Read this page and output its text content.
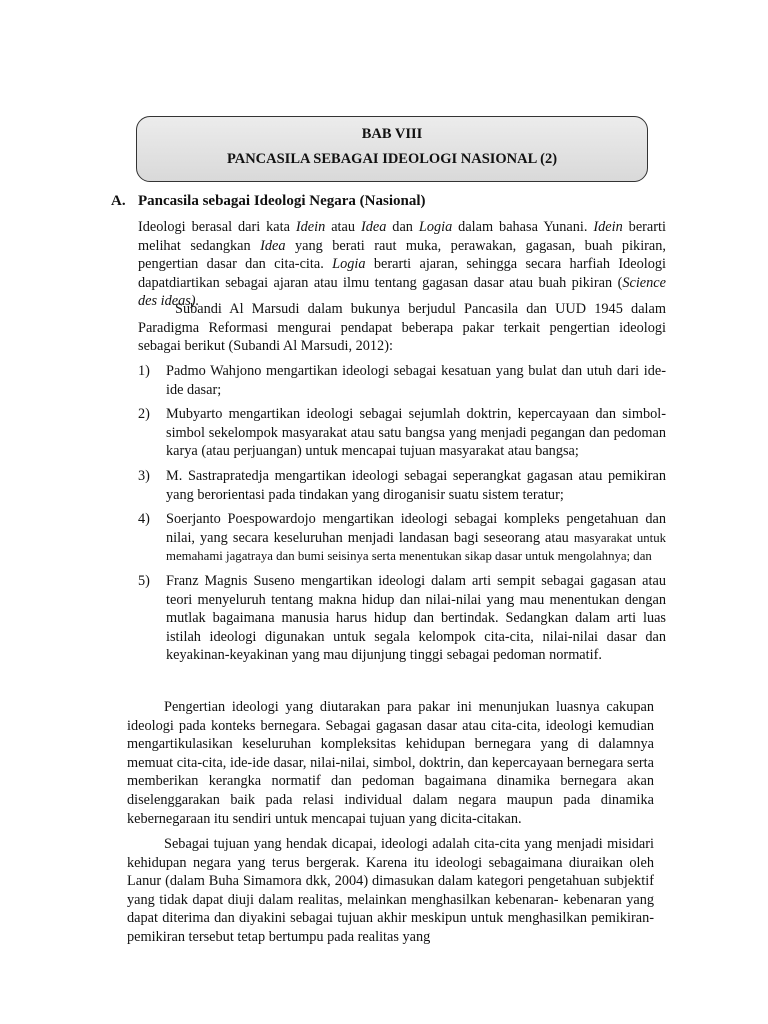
BAB VIII
PANCASILA SEBAGAI IDEOLOGI NASIONAL (2)
A. Pancasila sebagai Ideologi Negara (Nasional)

Ideologi berasal dari kata Idein atau Idea dan Logia dalam bahasa Yunani. Idein berarti melihat sedangkan Idea yang berati raut muka, perawakan, gagasan, buah pikiran, pengertian dasar dan cita-cita. Logia berarti ajaran, sehingga secara harfiah Ideologi dapatdiartikan sebagai ajaran atau ilmu tentang gagasan dasar atau buah pikiran (Science des ideas).

Subandi Al Marsudi dalam bukunya berjudul Pancasila dan UUD 1945 dalam Paradigma Reformasi mengurai pendapat beberapa pakar terkait pengertian ideologi sebagai berikut (Subandi Al Marsudi, 2012):

1) Padmo Wahjono mengartikan ideologi sebagai kesatuan yang bulat dan utuh dari ide-ide dasar;
2) Mubyarto mengartikan ideologi sebagai sejumlah doktrin, kepercayaan dan simbol- simbol sekelompok masyarakat atau satu bangsa yang menjadi pegangan dan pedoman karya (atau perjuangan) untuk mencapai tujuan masyarakat atau bangsa;
3) M. Sastrapratedja mengartikan ideologi sebagai seperangkat gagasan atau pemikiran yang berorientasi pada tindakan yang diroganisir suatu sistem teratur;
4) Soerjanto Poespowardojo mengartikan ideologi sebagai kompleks pengetahuan dan nilai, yang secara keseluruhan menjadi landasan bagi seseorang atau masyarakat untuk memahami jagatraya dan bumi seisinya serta menentukan sikap dasar untuk mengolahnya; dan
5) Franz Magnis Suseno mengartikan ideologi dalam arti sempit sebagai gagasan atau teori menyeluruh tentang makna hidup dan nilai-nilai yang mau menentukan dengan mutlak bagaimana manusia harus hidup dan bertindak. Sedangkan dalam arti luas istilah ideologi digunakan untuk segala kelompok cita-cita, nilai-nilai dasar dan keyakinan-keyakinan yang mau dijunjung tinggi sebagai pedoman normatif.

Pengertian ideologi yang diutarakan para pakar ini menunjukan luasnya cakupan ideologi pada konteks bernegara. Sebagai gagasan dasar atau cita-cita, ideologi kemudian mengartikulasikan keseluruhan kompleksitas kehidupan bernegara yang di dalamnya memuat cita-cita, ide-ide dasar, nilai-nilai, simbol, doktrin, dan kepercayaan bernegara serta memberikan kerangka normatif dan pedoman bagaimana dinamika bernegara akan diselenggarakan baik pada relasi individual dalam negara maupun pada dinamika kebernegaraan itu sendiri untuk mencapai tujuan yang dicita-citakan.

Sebagai tujuan yang hendak dicapai, ideologi adalah cita-cita yang menjadi misidari kehidupan negara yang terus bergerak. Karena itu ideologi sebagaimana diuraikan oleh Lanur (dalam Buha Simamora dkk, 2004) dimasukan dalam kategori pengetahuan subjektif yang tidak dapat diuji dalam realitas, melainkan menghasilkan kebenaran- kebenaran yang dapat diterima dan diyakini sebagai tujuan akhir meskipun untuk menghasilkan pemikiran-pemikiran tersebut tetap bertumpu pada realitas yang
